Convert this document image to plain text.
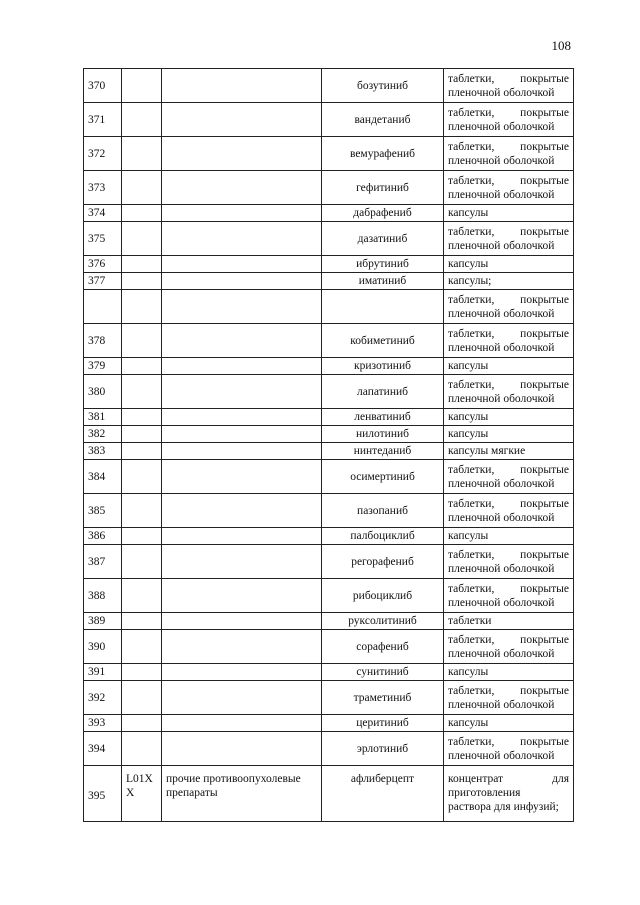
108
370			бозутиниб	таблетки, покрытые
пленочной оболочкой

371			вандетаниб	таблетки, покрытые
пленочной оболочкой

372			вемурафениб	таблетки, покрытые
пленочной оболочкой

373			гефитиниб	таблетки, покрытые
пленочной оболочкой

374			дабрафениб	капсулы
375			дазатиниб	таблетки, покрытые
пленочной оболочкой

376			ибрутиниб	капсулы
377			иматиниб	капсулы;

				таблетки, покрытые
пленочной оболочкой

378			кобиметиниб	таблетки, покрытые
пленочной оболочкой

379			кризотиниб	капсулы
380			лапатиниб	таблетки, покрытые
пленочной оболочкой

381			ленватиниб	капсулы
382			нилотиниб	капсулы
383			нинтеданиб	капсулы мягкие
384			осимертиниб	таблетки, покрытые
пленочной оболочкой

385			пазопаниб	таблетки, покрытые
пленочной оболочкой

386			палбоциклиб	капсулы
387			регорафениб	таблетки, покрытые
пленочной оболочкой

388			рибоциклиб	таблетки, покрытые
пленочной оболочкой

389			руксолитиниб	таблетки
390			сорафениб	таблетки, покрытые
пленочной оболочкой

391			сунитиниб	капсулы
392			траметиниб	таблетки, покрытые
пленочной оболочкой

393			церитиниб	капсулы
394			эрлотиниб	таблетки, покрытые
пленочной оболочкой

395	L01X X	прочие противоопухолевые препараты	афлиберцепт	концентрат для
приготовления
раствора для инфузий;
